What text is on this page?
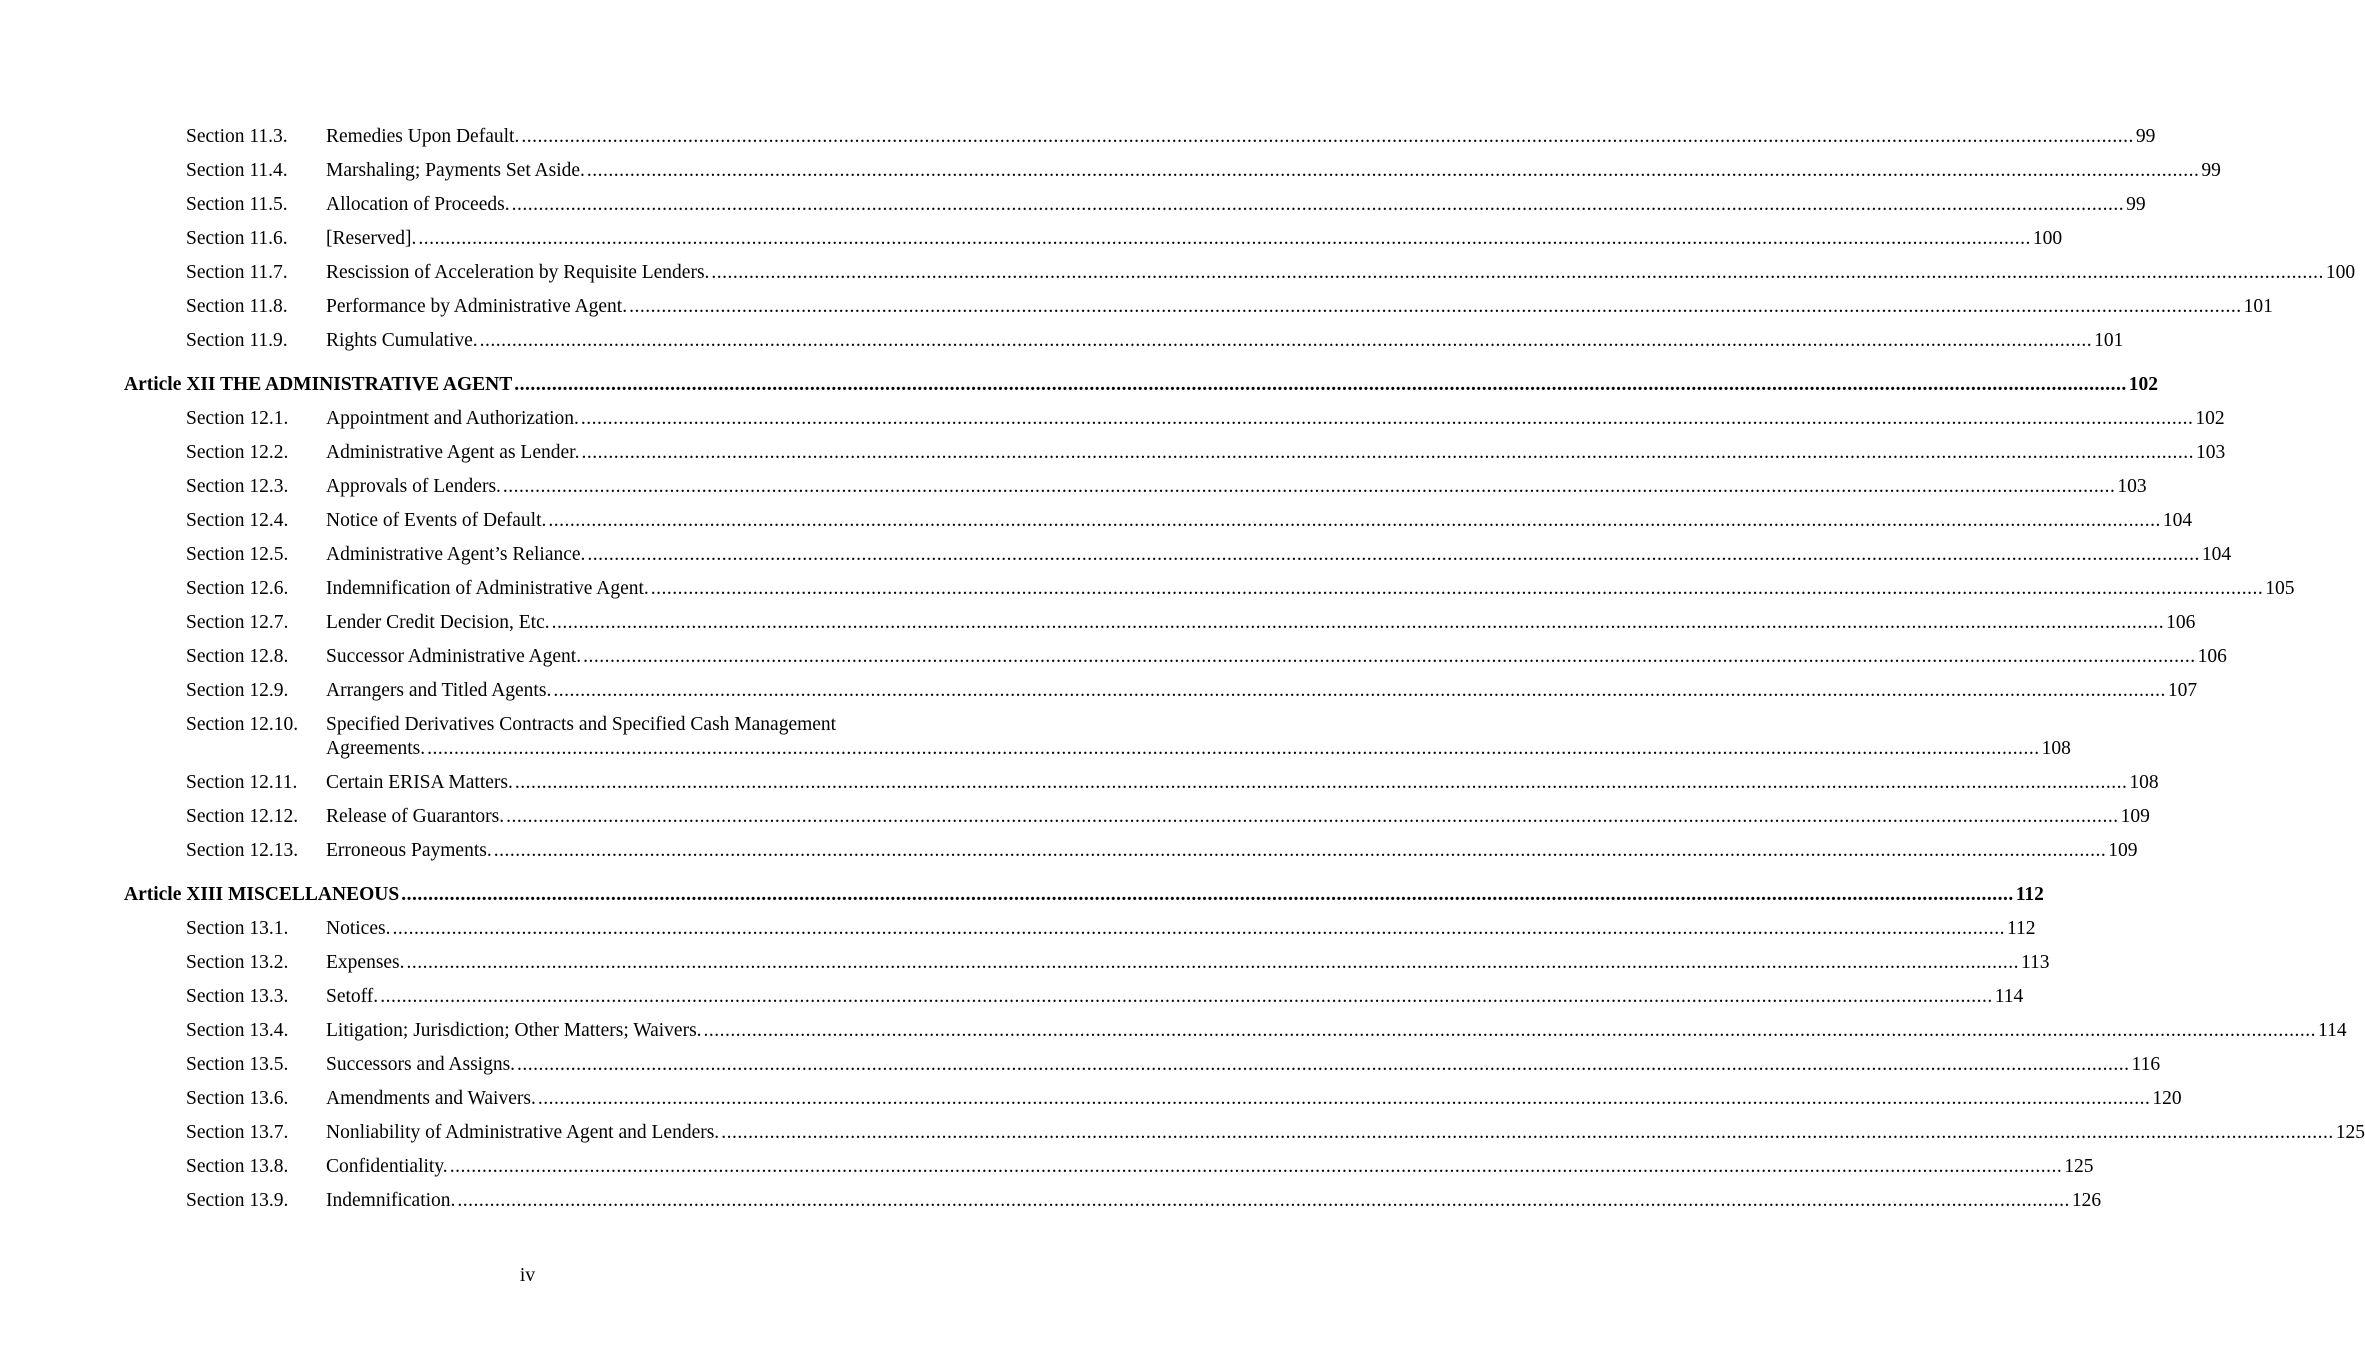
Section 11.3. Remedies Upon Default. ............................................................................................................................................................................................................................................................................................................ 99
Section 11.4. Marshaling; Payments Set Aside. ............................................................................................................................................................................................................................................................................................................ 99
Section 11.5. Allocation of Proceeds. ............................................................................................................................................................................................................................................................................................................ 99
Section 11.6. [Reserved]. ............................................................................................................................................................................................................................................................................................................ 100
Section 11.7. Rescission of Acceleration by Requisite Lenders. ............................................................................................................................................................................................................................................................................................................ 100
Section 11.8. Performance by Administrative Agent. ............................................................................................................................................................................................................................................................................................................ 101
Section 11.9. Rights Cumulative. ............................................................................................................................................................................................................................................................................................................ 101
Article XII THE ADMINISTRATIVE AGENT ............................................................................................................................................................................................................................................................................................................ 102
Section 12.1. Appointment and Authorization. ............................................................................................................................................................................................................................................................................................................ 102
Section 12.2. Administrative Agent as Lender. ............................................................................................................................................................................................................................................................................................................ 103
Section 12.3. Approvals of Lenders. ............................................................................................................................................................................................................................................................................................................ 103
Section 12.4. Notice of Events of Default. ............................................................................................................................................................................................................................................................................................................ 104
Section 12.5. Administrative Agent’s Reliance. ............................................................................................................................................................................................................................................................................................................ 104
Section 12.6. Indemnification of Administrative Agent. ............................................................................................................................................................................................................................................................................................................ 105
Section 12.7. Lender Credit Decision, Etc. ............................................................................................................................................................................................................................................................................................................ 106
Section 12.8. Successor Administrative Agent. ............................................................................................................................................................................................................................................................................................................ 106
Section 12.9. Arrangers and Titled Agents. ............................................................................................................................................................................................................................................................................................................ 107
Section 12.10. Specified Derivatives Contracts and Specified Cash Management
Agreements. ............................................................................................................................................................................................................................................................................................................ 108
Section 12.11. Certain ERISA Matters. ............................................................................................................................................................................................................................................................................................................ 108
Section 12.12. Release of Guarantors. ............................................................................................................................................................................................................................................................................................................ 109
Section 12.13. Erroneous Payments. ............................................................................................................................................................................................................................................................................................................ 109
Article XIII MISCELLANEOUS ............................................................................................................................................................................................................................................................................................................ 112
Section 13.1. Notices. ............................................................................................................................................................................................................................................................................................................ 112
Section 13.2. Expenses. ............................................................................................................................................................................................................................................................................................................ 113
Section 13.3. Setoff. ............................................................................................................................................................................................................................................................................................................ 114
Section 13.4. Litigation; Jurisdiction; Other Matters; Waivers. ............................................................................................................................................................................................................................................................................................................ 114
Section 13.5. Successors and Assigns. ............................................................................................................................................................................................................................................................................................................ 116
Section 13.6. Amendments and Waivers. ............................................................................................................................................................................................................................................................................................................ 120
Section 13.7. Nonliability of Administrative Agent and Lenders. ............................................................................................................................................................................................................................................................................................................ 125
Section 13.8. Confidentiality. ............................................................................................................................................................................................................................................................................................................ 125
Section 13.9. Indemnification. ............................................................................................................................................................................................................................................................................................................ 126
iv
